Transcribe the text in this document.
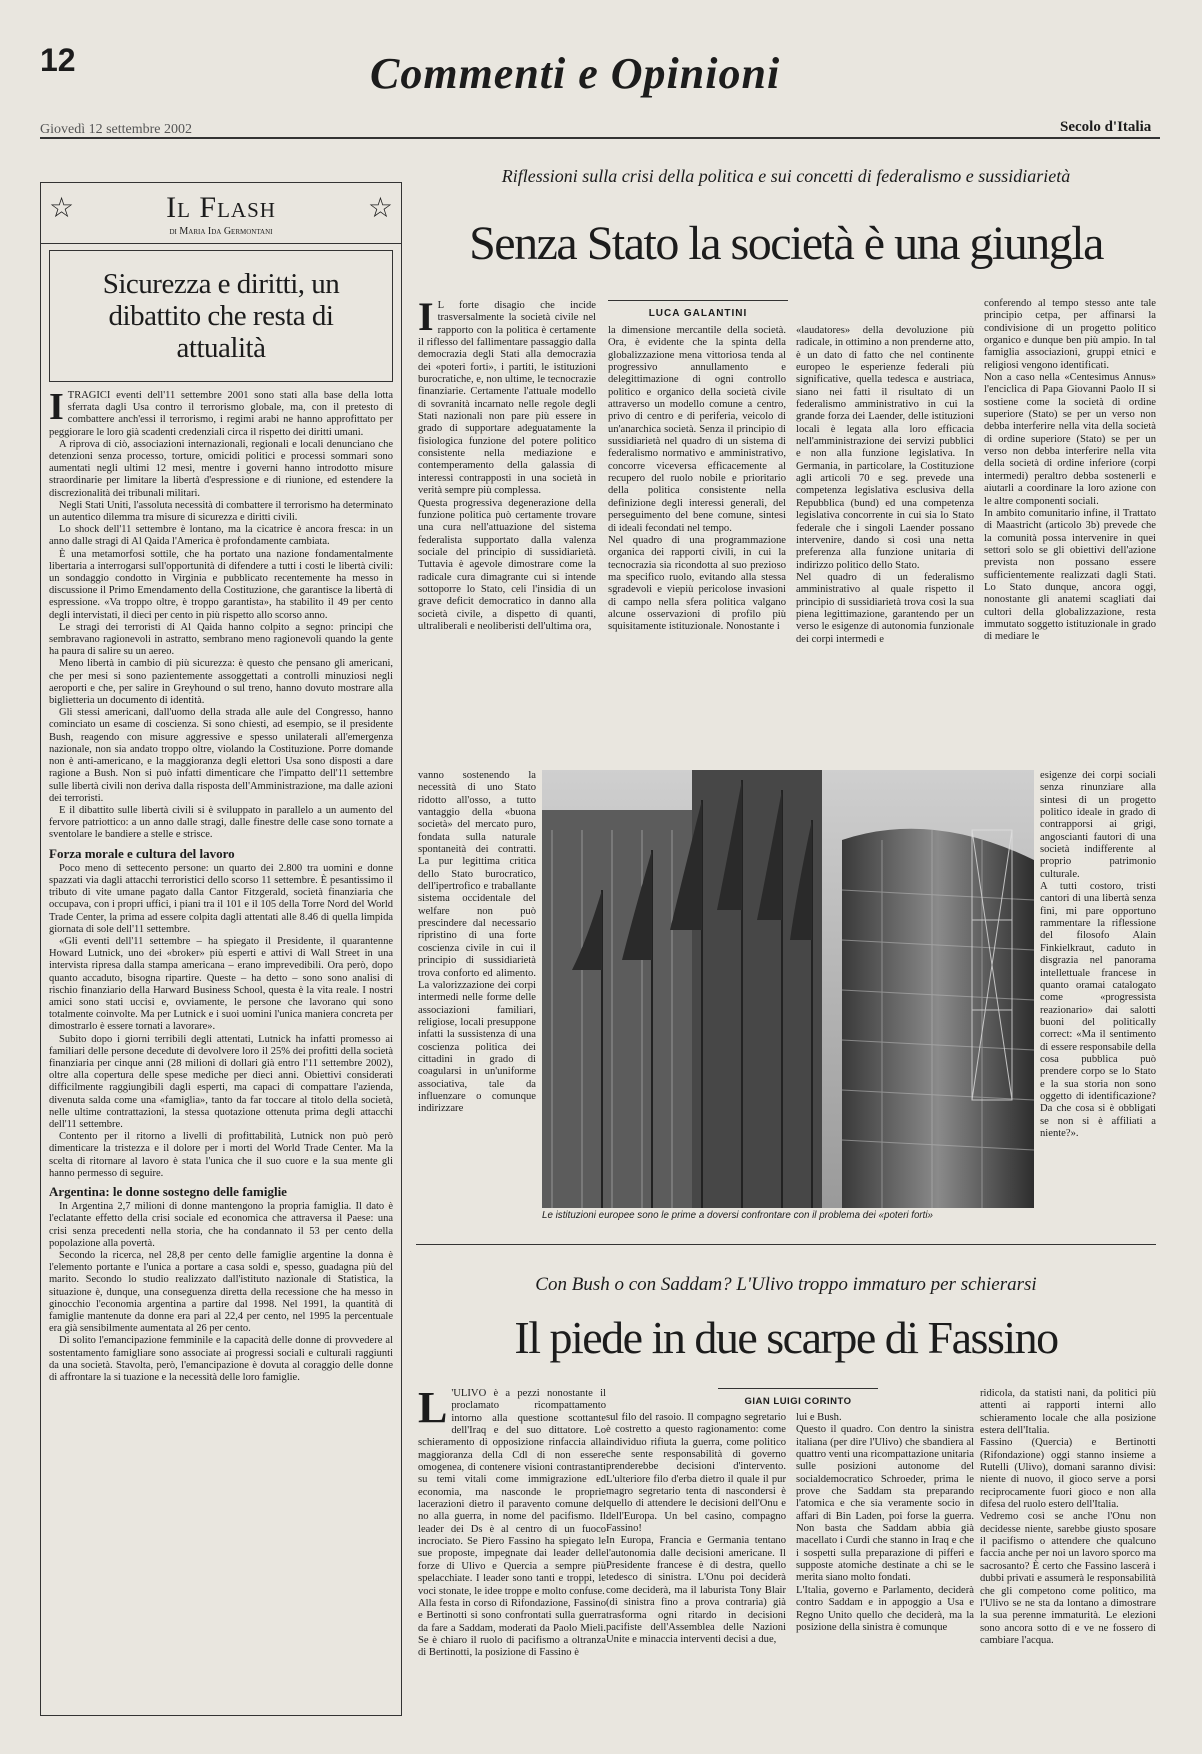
12	Commenti e Opinioni
Giovedì 12 settembre 2002	Secolo d'Italia
☆	☆
Il Flash
di Maria Ida Germontani
Sicurezza e diritti, un dibattito che resta di attualità
I TRAGICI eventi dell'11 settembre 2001 sono stati alla base della lotta sferrata dagli Usa contro il terrorismo globale, ma, con il pretesto di combattere anch'essi il terrorismo, i regimi arabi ne hanno approfittato per peggiorare le loro già scadenti credenziali circa il rispetto dei diritti umani.

A riprova di ciò, associazioni internazionali, regionali e locali denunciano che detenzioni senza processo, torture, omicidi politici e processi sommari sono aumentati negli ultimi 12 mesi, mentre i governi hanno introdotto misure straordinarie per limitare la libertà d'espressione e di riunione, ed estendere la discrezionalità dei tribunali militari.

Negli Stati Uniti, l'assoluta necessità di combattere il terrorismo ha determinato un autentico dilemma tra misure di sicurezza e diritti civili.

Lo shock dell'11 settembre è lontano, ma la cicatrice è ancora fresca: in un anno dalle stragi di Al Qaida l'America è profondamente cambiata.

È una metamorfosi sottile, che ha portato una nazione fondamentalmente libertaria a interrogarsi sull'opportunità di difendere a tutti i costi le libertà civili: un sondaggio condotto in Virginia e pubblicato recentemente ha messo in discussione il Primo Emendamento della Costituzione, che garantisce la libertà di espressione. «Va troppo oltre, è troppo garantista», ha stabilito il 49 per cento degli intervistati, il dieci per cento in più rispetto allo scorso anno.

Le stragi dei terroristi di Al Qaida hanno colpito a segno: principi che sembravano ragionevoli in astratto, sembrano meno ragionevoli quando la gente ha paura di salire su un aereo.

Meno libertà in cambio di più sicurezza: è questo che pensano gli americani, che per mesi si sono pazientemente assoggettati a controlli minuziosi negli aeroporti e che, per salire in Greyhound o sul treno, hanno dovuto mostrare alla biglietteria un documento di identità.

Gli stessi americani, dall'uomo della strada alle aule del Congresso, hanno cominciato un esame di coscienza. Si sono chiesti, ad esempio, se il presidente Bush, reagendo con misure aggressive e spesso unilaterali all'emergenza nazionale, non sia andato troppo oltre, violando la Costituzione. Porre domande non è anti-americano, e la maggioranza degli elettori Usa sono disposti a dare ragione a Bush. Non si può infatti dimenticare che l'impatto dell'11 settembre sulle libertà civili non deriva dalla risposta dell'Amministrazione, ma dalle azioni dei terroristi.

E il dibattito sulle libertà civili si è sviluppato in parallelo a un aumento del fervore patriottico: a un anno dalle stragi, dalle finestre delle case sono tornate a sventolare le bandiere a stelle e strisce.

Forza morale e cultura del lavoro

Poco meno di settecento persone: un quarto dei 2.800 tra uomini e donne spazzati via dagli attacchi terroristici dello scorso 11 settembre. È pesantissimo il tributo di vite umane pagato dalla Cantor Fitzgerald, società finanziaria che occupava, con i propri uffici, i piani tra il 101 e il 105 della Torre Nord del World Trade Center, la prima ad essere colpita dagli attentati alle 8.46 di quella limpida giornata di sole dell'11 settembre.

«Gli eventi dell'11 settembre – ha spiegato il Presidente, il quarantenne Howard Lutnick, uno dei «broker» più esperti e attivi di Wall Street in una intervista ripresa dalla stampa americana – erano imprevedibili. Ora però, dopo quanto accaduto, bisogna ripartire. Queste – ha detto – sono sono analisi di rischio finanziario della Harward Business School, questa è la vita reale. I nostri amici sono stati uccisi e, ovviamente, le persone che lavorano qui sono totalmente coinvolte. Ma per Lutnick e i suoi uomini l'unica maniera concreta per dimostrarlo è essere tornati a lavorare».

Subito dopo i giorni terribili degli attentati, Lutnick ha infatti promesso ai familiari delle persone decedute di devolvere loro il 25% dei profitti della società finanziaria per cinque anni (28 milioni di dollari già entro l'11 settembre 2002), oltre alla copertura delle spese mediche per dieci anni. Obiettivi considerati difficilmente raggiungibili dagli esperti, ma capaci di compattare l'azienda, divenuta salda come una «famiglia», tanto da far toccare al titolo della società, nelle ultime contrattazioni, la stessa quotazione ottenuta prima degli attacchi dell'11 settembre.

Contento per il ritorno a livelli di profittabilità, Lutnick non può però dimenticare la tristezza e il dolore per i morti del World Trade Center. Ma la scelta di ritornare al lavoro è stata l'unica che il suo cuore e la sua mente gli hanno permesso di seguire.

Argentina: le donne sostegno delle famiglie

In Argentina 2,7 milioni di donne mantengono la propria famiglia. Il dato è l'eclatante effetto della crisi sociale ed economica che attraversa il Paese: una crisi senza precedenti nella storia, che ha condannato il 53 per cento della popolazione alla povertà.

Secondo la ricerca, nel 28,8 per cento delle famiglie argentine la donna è l'elemento portante e l'unica a portare a casa soldi e, spesso, guadagna più del marito. Secondo lo studio realizzato dall'istituto nazionale di Statistica, la situazione è, dunque, una conseguenza diretta della recessione che ha messo in ginocchio l'economia argentina a partire dal 1998. Nel 1991, la quantità di famiglie mantenute da donne era pari al 22,4 per cento, nel 1995 la percentuale era già sensibilmente aumentata al 26 per cento.

Di solito l'emancipazione femminile e la capacità delle donne di provvedere al sostentamento famigliare sono associate ai progressi sociali e culturali raggiunti da una società. Stavolta, però, l'emancipazione è dovuta al coraggio delle donne di affrontare la si tuazione e la necessità delle loro famiglie.

Riflessioni sulla crisi della politica e sui concetti di federalismo e sussidiarietà
Senza Stato la società è una giungla
LUCA GALANTINI
I L forte disagio che incide trasversalmente la società civile nel rapporto con la politica è certamente il riflesso del fallimentare passaggio dalla democrazia degli Stati alla democrazia dei «poteri forti», i partiti, le istituzioni burocratiche, e, non ultime, le tecnocrazie finanziarie. Certamente l'attuale modello di sovranità incarnato nelle regole degli Stati nazionali non pare più essere in grado di supportare adeguatamente la fisiologica funzione del potere politico consistente nella mediazione e contemperamento della galassia di interessi contrapposti in una società in verità sempre più complessa.
Questa progressiva degenerazione della funzione politica può certamente trovare una cura nell'attuazione del sistema federalista supportato dalla valenza sociale del principio di sussidiarietà. Tuttavia è agevole dimostrare come la radicale cura dimagrante cui si intende sottoporre lo Stato, celi l'insidia di un grave deficit democratico in danno alla società civile, a dispetto di quanti, ultraliberali e neoliberisti dell'ultima ora,
vanno sostenendo la necessità di uno Stato ridotto all'osso, a tutto vantaggio della «buona società» del mercato puro, fondata sulla naturale spontaneità dei contratti. La pur legittima critica dello Stato burocratico, dell'ipertrofico e traballante sistema occidentale del welfare non può prescindere dal necessario ripristino di una forte coscienza civile in cui il principio di sussidiarietà trova conforto ed alimento. La valorizzazione dei corpi intermedi nelle forme delle associazioni familiari, religiose, locali presuppone infatti la sussistenza di una coscienza politica dei cittadini in grado di coagularsi in un'uniforme associativa, tale da influenzare o comunque indirizzare
la dimensione mercantile della società. Ora, è evidente che la spinta della globalizzazione mena vittoriosa tenda al progressivo annullamento e delegittimazione di ogni controllo politico e organico della società civile attraverso un modello comune a centro, privo di centro e di periferia, veicolo di un'anarchica società. Senza il principio di sussidiarietà nel quadro di un sistema di federalismo normativo e amministrativo, concorre viceversa efficacemente al recupero del ruolo nobile e prioritario della politica consistente nella definizione degli interessi generali, del perseguimento del bene comune, sintesi di ideali fecondati nel tempo.
Nel quadro di una programmazione organica dei rapporti civili, in cui la tecnocrazia sia ricondotta al suo prezioso ma specifico ruolo, evitando alla stessa sgradevoli e viepiù pericolose invasioni di campo nella sfera politica valgano alcune osservazioni di profilo più squisitamente istituzionale. Nonostante i
«laudatores» della devoluzione più radicale, in ottimino a non prenderne atto, è un dato di fatto che nel continente europeo le esperienze federali più significative, quella tedesca e austriaca, siano nei fatti il risultato di un federalismo amministrativo in cui la grande forza dei Laender, delle istituzioni locali è legata alla loro efficacia nell'amministrazione dei servizi pubblici e non alla funzione legislativa. In Germania, in particolare, la Costituzione agli articoli 70 e seg. prevede una competenza legislativa esclusiva della Repubblica (bund) ed una competenza legislativa concorrente in cui sia lo Stato federale che i singoli Laender possano intervenire, dando sì così una netta preferenza alla funzione unitaria di indirizzo politico dello Stato.
Nel quadro di un federalismo amministrativo al quale rispetto il principio di sussidiarietà trova così la sua piena legittimazione, garantendo per un verso le esigenze di autonomia funzionale dei corpi intermedi e
conferendo al tempo stesso ante tale principio cetpa, per affinarsi la condivisione di un progetto politico organico e dunque ben più ampio. In tal famiglia associazioni, gruppi etnici e religiosi vengono identificati.
Non a caso nella «Centesimus Annus» l'enciclica di Papa Giovanni Paolo II si sostiene come la società di ordine superiore (Stato) se per un verso non debba interferire nella vita della società di ordine superiore (Stato) se per un verso non debba interferire nella vita della società di ordine inferiore (corpi intermedi) peraltro debba sostenerli e aiutarli a coordinare la loro azione con le altre componenti sociali.
In ambito comunitario infine, il Trattato di Maastricht (articolo 3b) prevede che la comunità possa intervenire in quei settori solo se gli obiettivi dell'azione prevista non possano essere sufficientemente realizzati dagli Stati. Lo Stato dunque, ancora oggi, nonostante gli anatemi scagliati dai cultori della globalizzazione, resta immutato soggetto istituzionale in grado di mediare le
esigenze dei corpi sociali senza rinunziare alla sintesi di un progetto politico ideale in grado di contrapporsi ai grigi, angoscianti fautori di una società indifferente al proprio patrimonio culturale.
A tutti costoro, tristi cantori di una libertà senza fini, mi pare opportuno rammentare la riflessione del filosofo Alain Finkielkraut, caduto in disgrazia nel panorama intellettuale francese in quanto oramai catalogato come «progressista reazionario» dai salotti buoni del politically correct: «Ma il sentimento di essere responsabile della cosa pubblica può prendere corpo se lo Stato e la sua storia non sono oggetto di identificazione? Da che cosa si è obbligati se non si è affiliati a niente?».
Le istituzioni europee sono le prime a doversi confrontare con il problema dei «poteri forti»
Con Bush o con Saddam? L'Ulivo troppo immaturo per schierarsi
Il piede in due scarpe di Fassino
GIAN LUIGI CORINTO
L 'ULIVO è a pezzi nonostante il proclamato ricompattamento intorno alla questione scottante dell'Iraq e del suo dittatore. Lo schieramento di opposizione rinfaccia alla maggioranza della Cdl di non essere omogenea, di contenere visioni contrastanti su temi vitali come immigrazione ed economia, ma nasconde le proprie lacerazioni dietro il paravento comune del no alla guerra, in nome del pacifismo. Il leader dei Ds è al centro di un fuoco incrociato. Se Piero Fassino ha spiegato le sue proposte, impegnate dai leader delle forze di Ulivo e Quercia a sempre più spelacchiate. I leader sono tanti e troppi, le voci stonate, le idee troppe e molto confuse.
Alla festa in corso di Rifondazione, Fassino e Bertinotti si sono confrontati sulla guerra da fare a Saddam, moderati da Paolo Mieli. Se è chiaro il ruolo di pacifismo a oltranza di Bertinotti, la posizione di Fassino è
sul filo del rasoio. Il compagno segretario è costretto a questo ragionamento: come individuo rifiuta la guerra, come politico che sente responsabilità di governo prenderebbe decisioni d'intervento. L'ulteriore filo d'erba dietro il quale il pur magro segretario tenta di nascondersi è quello di attendere le decisioni dell'Onu e dell'Europa. Un bel casino, compagno Fassino!
In Europa, Francia e Germania tentano l'autonomia dalle decisioni americane. Il Presidente francese è di destra, quello tedesco di sinistra. L'Onu poi deciderà come deciderà, ma il laburista Tony Blair (di sinistra fino a prova contraria) già trasforma ogni ritardo in decisioni pacifiste dell'Assemblea delle Nazioni Unite e minaccia interventi decisi a due,
lui e Bush.
Questo il quadro. Con dentro la sinistra italiana (per dire l'Ulivo) che sbandiera al quattro venti una ricompattazione unitaria sulle posizioni autonome del socialdemocratico Schroeder, prima le prove che Saddam sta preparando l'atomica e che sia veramente socio in affari di Bin Laden, poi forse la guerra. Non basta che Saddam abbia già macellato i Curdi che stanno in Iraq e che i sospetti sulla preparazione di pifferi e supposte atomiche destinate a chi se le merita siano molto fondati.
L'Italia, governo e Parlamento, deciderà contro Saddam e in appoggio a Usa e Regno Unito quello che deciderà, ma la posizione della sinistra è comunque
ridicola, da statisti nani, da politici più attenti ai rapporti interni allo schieramento locale che alla posizione estera dell'Italia.
Fassino (Quercia) e Bertinotti (Rifondazione) oggi stanno insieme a Rutelli (Ulivo), domani saranno divisi: niente di nuovo, il gioco serve a porsi reciprocamente fuori gioco e non alla difesa del ruolo estero dell'Italia.
Vedremo così se anche l'Onu non decidesse niente, sarebbe giusto sposare il pacifismo o attendere che qualcuno faccia anche per noi un lavoro sporco ma sacrosanto? È certo che Fassino lascerà i dubbi privati e assumerà le responsabilità che gli competono come politico, ma l'Ulivo se ne sta da lontano a dimostrare la sua perenne immaturità. Le elezioni sono ancora sotto di e ve ne fossero di cambiare l'acqua.
